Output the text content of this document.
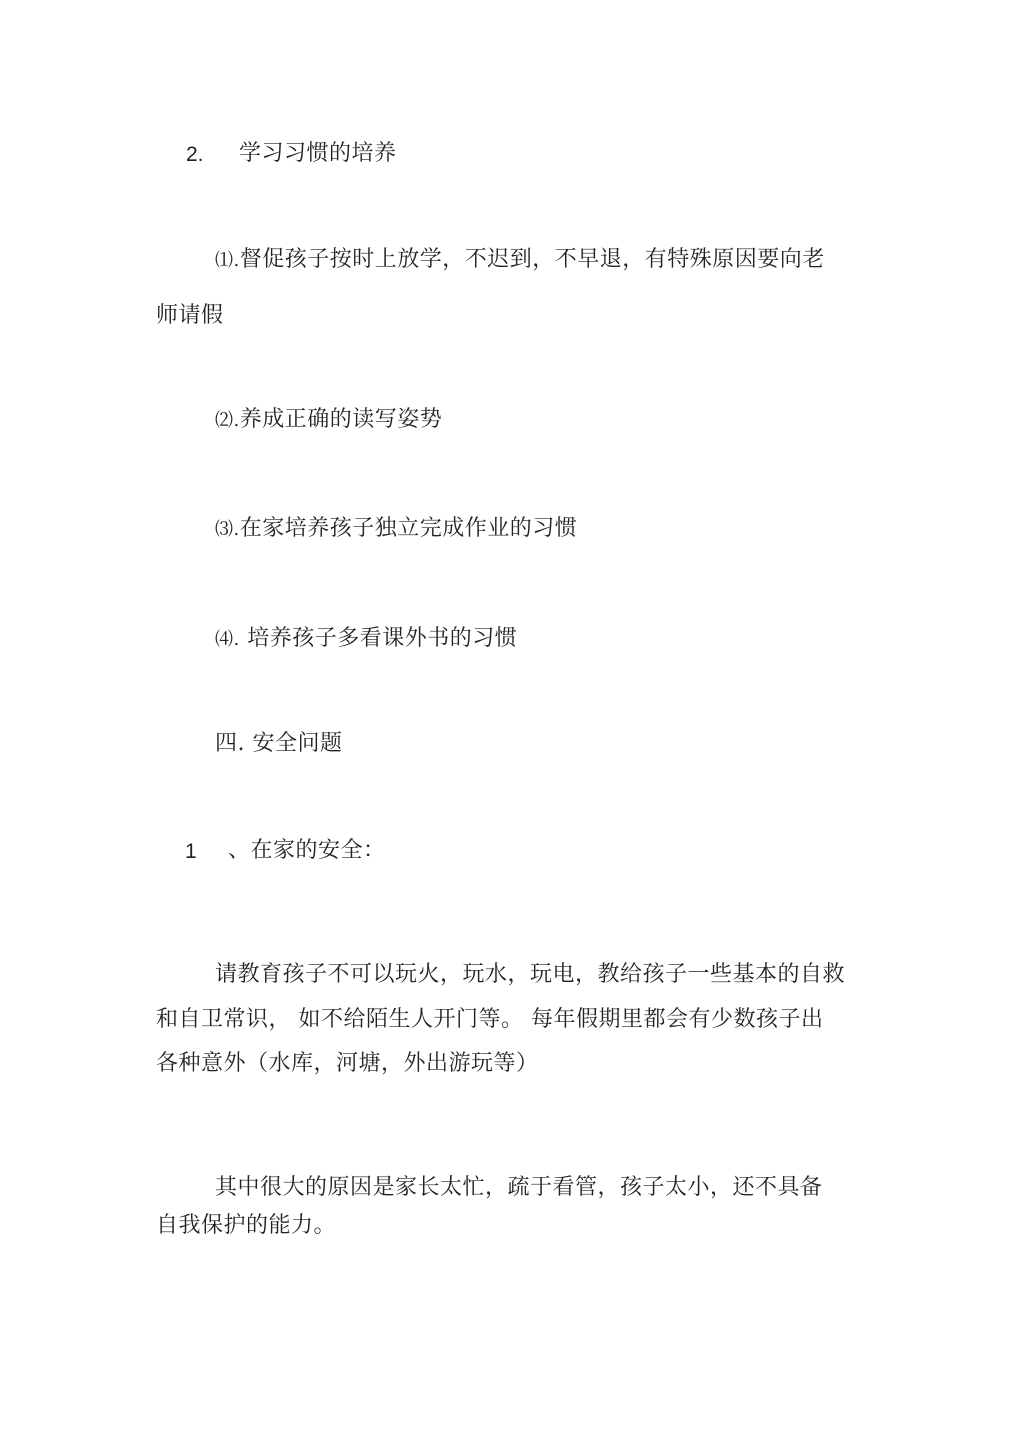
2. 学习习惯的培养
⑴.督促孩子按时上放学，不迟到，不早退，有特殊原因要向老
师请假
⑵.养成正确的读写姿势
⑶.在家培养孩子独立完成作业的习惯
⑷. 培养孩子多看课外书的习惯
四. 安全问题
1 、在家的安全：
请教育孩子不可以玩火，玩水，玩电，教给孩子一些基本的自救
和自卫常识， 如不给陌生人开门等。 每年假期里都会有少数孩子出
各种意外（水库，河塘，外出游玩等）
其中很大的原因是家长太忙，疏于看管，孩子太小，还不具备
自我保护的能力。
